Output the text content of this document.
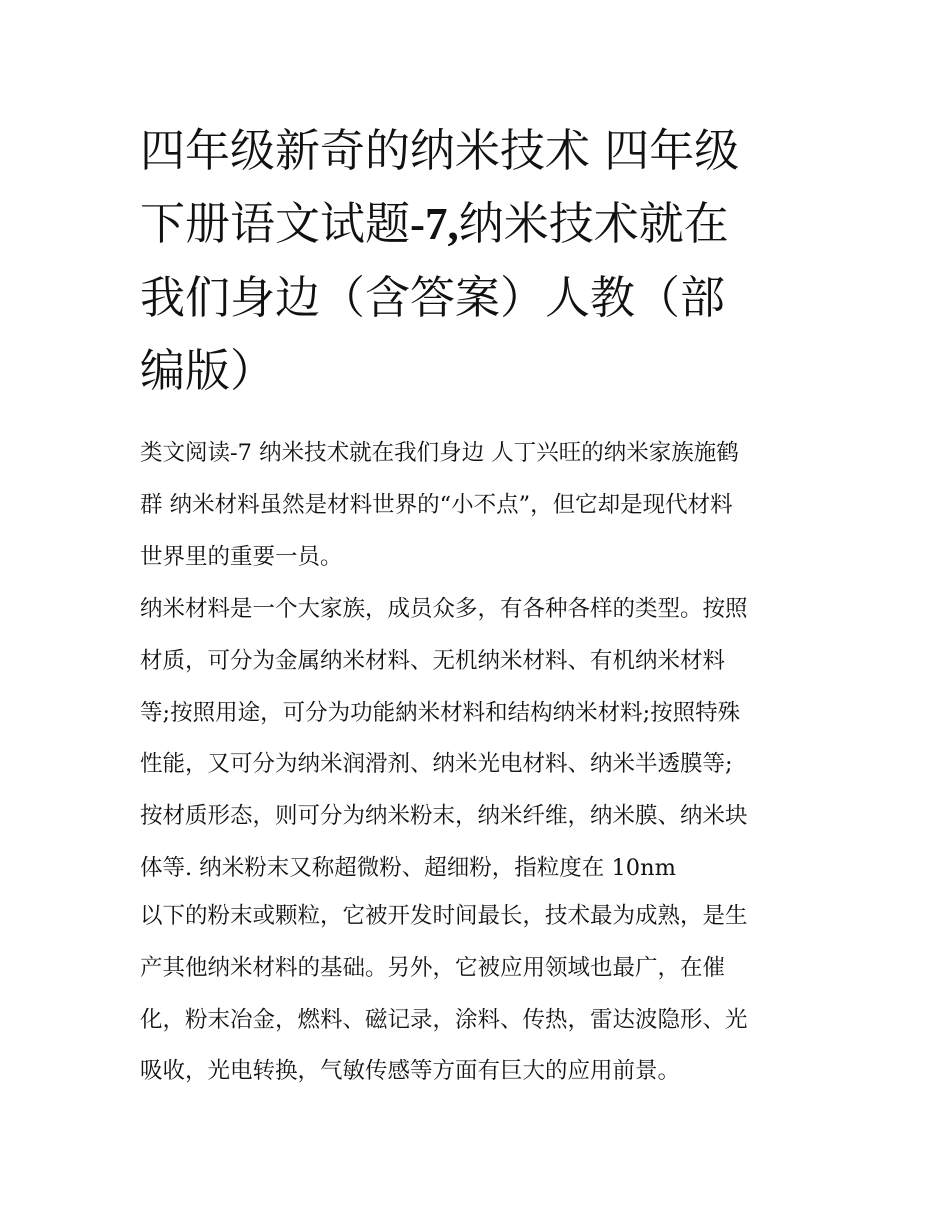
四年级新奇的纳米技术 四年级
下册语文试题-7,纳米技术就在
我们身边（含答案）人教（部
编版）

类文阅读-7 纳米技术就在我们身边 人丁兴旺的纳米家族施鹤
群 纳米材料虽然是材料世界的“小不点”，但它却是现代材料
世界里的重要一员。

纳米材料是一个大家族，成员众多，有各种各样的类型。按照
材质，可分为金属纳米材料、无机纳米材料、有机纳米材料
等;按照用途，可分为功能納米材料和结构纳米材料;按照特殊
性能，又可分为纳米润滑剂、纳米光电材料、纳米半透膜等;
按材质形态，则可分为纳米粉末，纳米纤维，纳米膜、纳米块
体等. 纳米粉末又称超微粉、超细粉，指粒度在 10nm

以下的粉末或颗粒，它被开发时间最长，技术最为成熟，是生
产其他纳米材料的基础。另外，它被应用领域也最广，在催
化，粉末冶金，燃料、磁记录，涂料、传热，雷达波隐形、光
吸收，光电转换，气敏传感等方面有巨大的应用前景。
